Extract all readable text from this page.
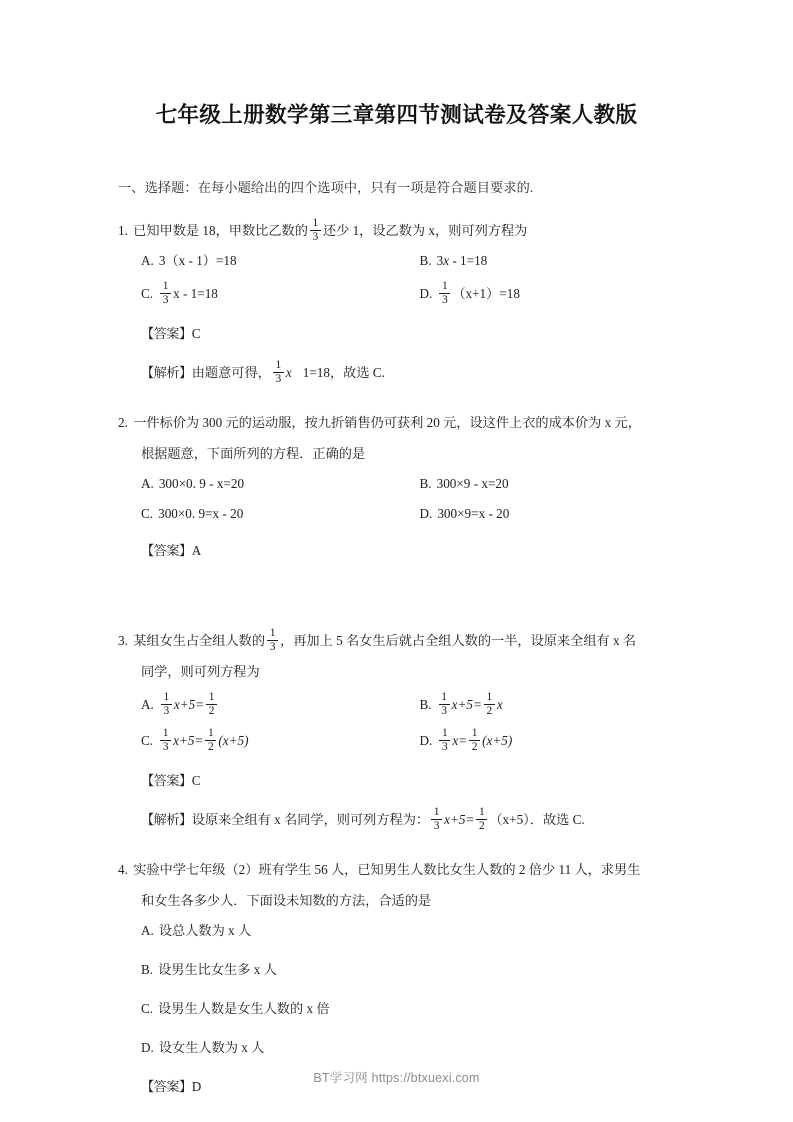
七年级上册数学第三章第四节测试卷及答案人教版
一、选择题：在每小题给出的四个选项中，只有一项是符合题目要求的.
1. 已知甲数是 18，甲数比乙数的 $\frac{1}{3}$ 还少 1，设乙数为 x，则可列方程为
A. 3（x - 1）=18	B. 3x - 1=18
C. $\frac{1}{3}$ x - 1=18	D. $\frac{1}{3} (x+1)=18$
【答案】C
【解析】由题意可得， $\frac{1}{3}$ x 1=18，故选 C.
2. 一件标价为 300 元的运动服，按九折销售仍可获利 20 元，设这件上衣的成本价为 x 元，
根据题意，下面所列的方程．正确的是
A. 300×0. 9 - x=20	B. 300×9 - x=20
C. 300×0. 9=x - 20	D. 300×9=x - 20
【答案】A
3. 某组女生占全组人数的 $\frac{1}{3}$ ，再加上 5 名女生后就占全组人数的一半，设原来全组有 x 名
同学，则可列方程为
A. $\frac{1}{3} x+5= \frac{1}{2}$	B. $\frac{1}{3} x+5= \frac{1}{2}$ x
C. $\frac{1}{3} x+5= \frac{1}{2} (x+5)$	D. $\frac{1}{3} x= \frac{1}{2} (x+5)$
【答案】C
【解析】设原来全组有 x 名同学，则可列方程为： $\frac{1}{3} x+5= \frac{1}{2} (x+5)$．故选 C.
4. 实验中学七年级（2）班有学生 56 人，已知男生人数比女生人数的 2 倍少 11 人，求男生
和女生各多少人．下面设未知数的方法，合适的是
A. 设总人数为 x 人
B. 设男生比女生多 x 人
C. 设男生人数是女生人数的 x 倍
D. 设女生人数为 x 人
【答案】D
BT学习网 https://btxuexi.com
